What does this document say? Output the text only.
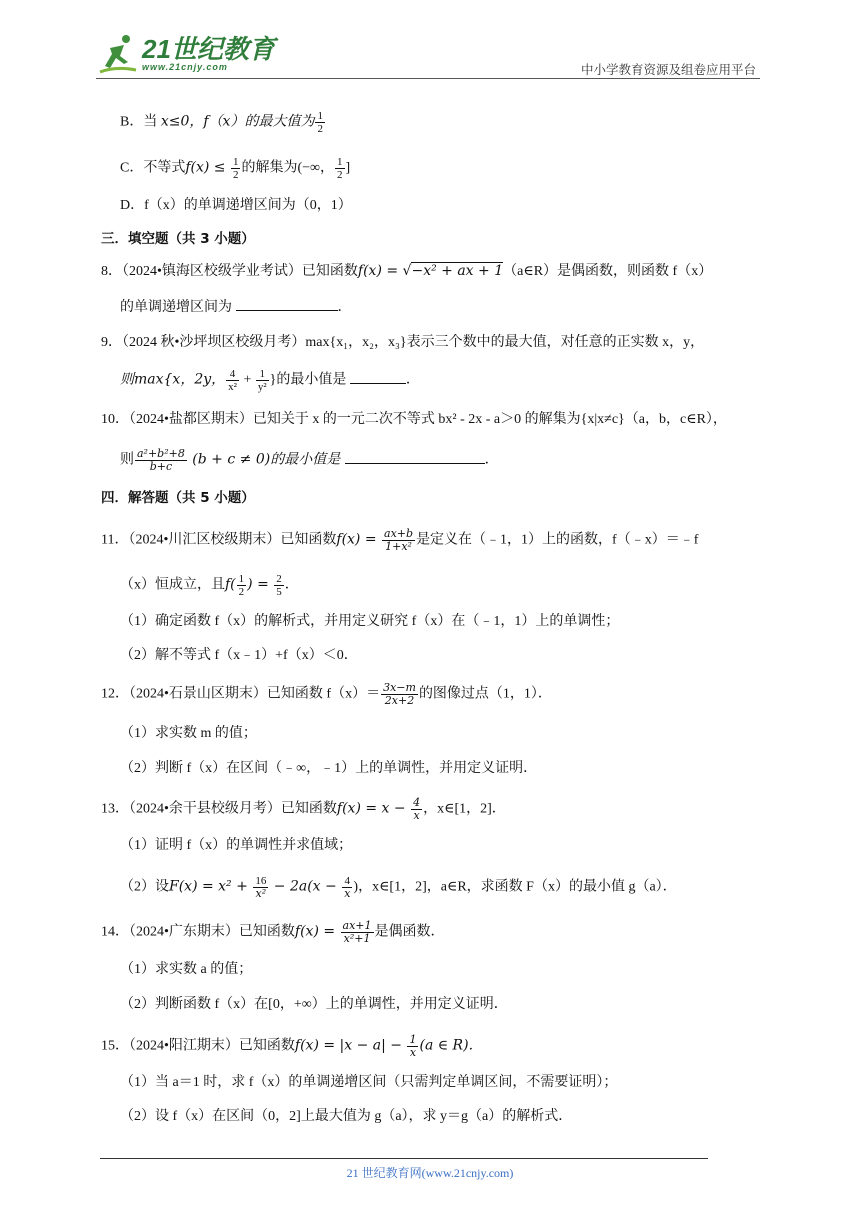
21世纪教育
www.21cnjy.com	中小学教育资源及组卷应用平台
B．当 x≤0，f（x）的最大值为 $\frac{1}{2}$
C．不等式$f(x) \le \frac{1}{2}$ 的解集为(−∞， $\frac{1}{2}$ ]
D．f（x）的单调递增区间为（0，1）
三．填空题（共 3 小题）
8．（2024•镇海区校级学业考试）已知函数f(x) = √−x² + ax + 1（a∈R）是偶函数，则函数 f（x）
的单调递增区间为	．
9．（2024 秋•沙坪坝区校级月考）max{x₁，x₂，x₃}表示三个数中的最大值，对任意的正实数 x，y，
则max{x，2y， $\frac{4}{\text{x²}} + \frac{1}{\text{y²}}$ }的最小值是	．
10．（2024•盐都区期末）已知关于 x 的一元二次不等式 bx² - 2x - a＞0 的解集为{x|x≠c}（a，b，c∈R），
则 $\frac{\text{a²+b²+8}}{b+c} (b + c \ne 0)$的最小值是	．
四．解答题（共 5 小题）
11．（2024•川汇区校级期末）已知函数$f(x) = \frac{ax+b}{\text{1+x²}}$ 是定义在（﹣1，1）上的函数，f（﹣x）＝﹣f
（x）恒成立，且$f( \frac{1}{2}$ ) = $\frac{2}{5}$ ．
（1）确定函数 f（x）的解析式，并用定义研究 f（x）在（﹣1，1）上的单调性；
（2）解不等式 f（x﹣1）+f（x）＜0．
12．（2024•石景山区期末）已知函数 $f(x)= \frac{3x-m}{2x+2}$ 的图像过点（1，1）．
（1）求实数 m 的值；
（2）判断 f（x）在区间（﹣∞，﹣1）上的单调性，并用定义证明．
13．（2024•余干县校级月考）已知函数$f(x) = x - \frac{4}{x}$ ，x∈[1，2]．
（1）证明 f（x）的单调性并求值域；
（2）设$F(x) = x^2 + \frac{16}{\text{x²}} - 2a(x - \frac{4}{x}$ )，x∈[1，2]，a∈R，求函数 F（x）的最小值 g（a）．
14．（2024•广东期末）已知函数$f(x) = \frac{ax+1}{\text{x²+1}}$ 是偶函数．
（1）求实数 a 的值；
（2）判断函数 f（x）在[0，+∞）上的单调性，并用定义证明．
15．（2024•阳江期末）已知函数$f(x) = |x - a| - \frac{1}{x} (a$ ∈ R)．
（1）当 a＝1 时，求 f（x）的单调递增区间（只需判定单调区间，不需要证明）；
（2）设 f（x）在区间（0，2]上最大值为 g（a），求 y＝g（a）的解析式．
21 世纪教育网(www.21cnjy.com)
